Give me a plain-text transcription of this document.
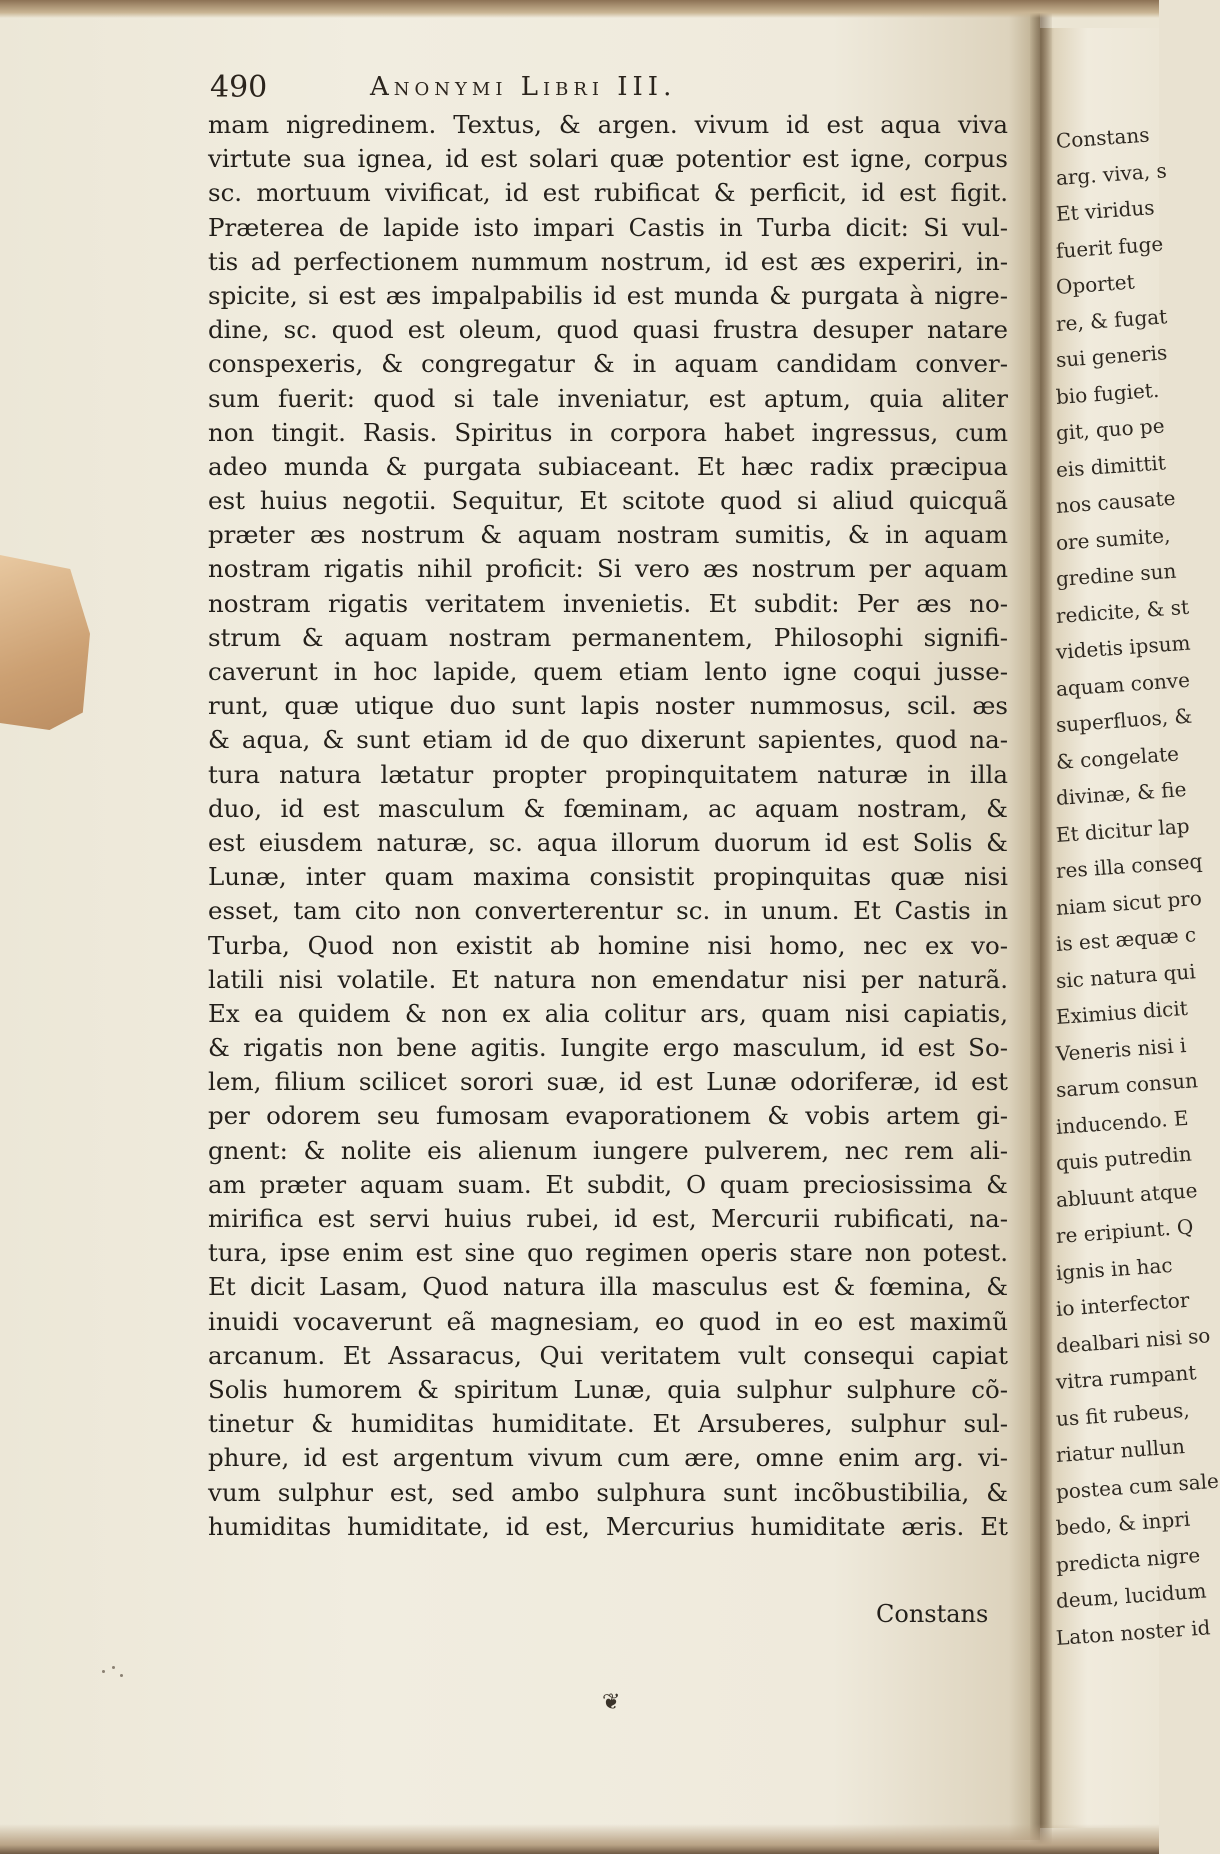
Constans
arg. viva, s
Et viridus
fuerit fuge
Oportet
re, & fugat
sui generis
bio fugiet.
git, quo pe
eis dimittit
nos causate
ore sumite,
gredine sun
redicite, & st
videtis ipsum
aquam conve
superfluos, &
& congelate
divinæ, & fie
Et dicitur lap
res illa conseq
niam sicut pro
is est æquæ c
sic natura qui
Eximius dicit
Veneris nisi i
sarum consun
inducendo. E
quis putredin
abluunt atque
re eripiunt. Q
ignis in hac
io interfector
dealbari nisi so
vitra rumpant
us fit rubeus,
riatur nullun
postea cum sale
bedo, & inpri
predicta nigre
deum, lucidum
Laton noster id
490	Anonymi Libri III.
mam nigredinem. Textus, & argen. vivum id est aqua viva
virtute sua ignea, id est solari quæ potentior est igne, corpus
sc. mortuum vivificat, id est rubificat & perficit, id est figit.
Præterea de lapide isto impari Castis in Turba dicit: Si vul-
tis ad perfectionem nummum nostrum, id est æs experiri, in-
spicite, si est æs impalpabilis id est munda & purgata à nigre-
dine, sc. quod est oleum, quod quasi frustra desuper natare
conspexeris, & congregatur & in aquam candidam conver-
sum fuerit: quod si tale inveniatur, est aptum, quia aliter
non tingit. Rasis. Spiritus in corpora habet ingressus, cum
adeo munda & purgata subiaceant. Et hæc radix præcipua
est huius negotii. Sequitur, Et scitote quod si aliud quicquã
præter æs nostrum & aquam nostram sumitis, & in aquam
nostram rigatis nihil proficit: Si vero æs nostrum per aquam
nostram rigatis veritatem invenietis. Et subdit: Per æs no-
strum & aquam nostram permanentem, Philosophi signifi-
caverunt in hoc lapide, quem etiam lento igne coqui jusse-
runt, quæ utique duo sunt lapis noster nummosus, scil. æs
& aqua, & sunt etiam id de quo dixerunt sapientes, quod na-
tura natura lætatur propter propinquitatem naturæ in illa
duo, id est masculum & fœminam, ac aquam nostram, &
est eiusdem naturæ, sc. aqua illorum duorum id est Solis &
Lunæ, inter quam maxima consistit propinquitas quæ nisi
esset, tam cito non converterentur sc. in unum. Et Castis in
Turba, Quod non existit ab homine nisi homo, nec ex vo-
latili nisi volatile. Et natura non emendatur nisi per naturã.
Ex ea quidem & non ex alia colitur ars, quam nisi capiatis,
& rigatis non bene agitis. Iungite ergo masculum, id est So-
lem, filium scilicet sorori suæ, id est Lunæ odoriferæ, id est
per odorem seu fumosam evaporationem & vobis artem gi-
gnent: & nolite eis alienum iungere pulverem, nec rem ali-
am præter aquam suam. Et subdit, O quam preciosissima &
mirifica est servi huius rubei, id est, Mercurii rubificati, na-
tura, ipse enim est sine quo regimen operis stare non potest.
Et dicit Lasam, Quod natura illa masculus est & fœmina, &
inuidi vocaverunt eã magnesiam, eo quod in eo est maximũ
arcanum. Et Assaracus, Qui veritatem vult consequi capiat
Solis humorem & spiritum Lunæ, quia sulphur sulphure cõ-
tinetur & humiditas humiditate. Et Arsuberes, sulphur sul-
phure, id est argentum vivum cum ære, omne enim arg. vi-
vum sulphur est, sed ambo sulphura sunt incõbustibilia, &
humiditas humiditate, id est, Mercurius humiditate æris. Et
Constans
❦
